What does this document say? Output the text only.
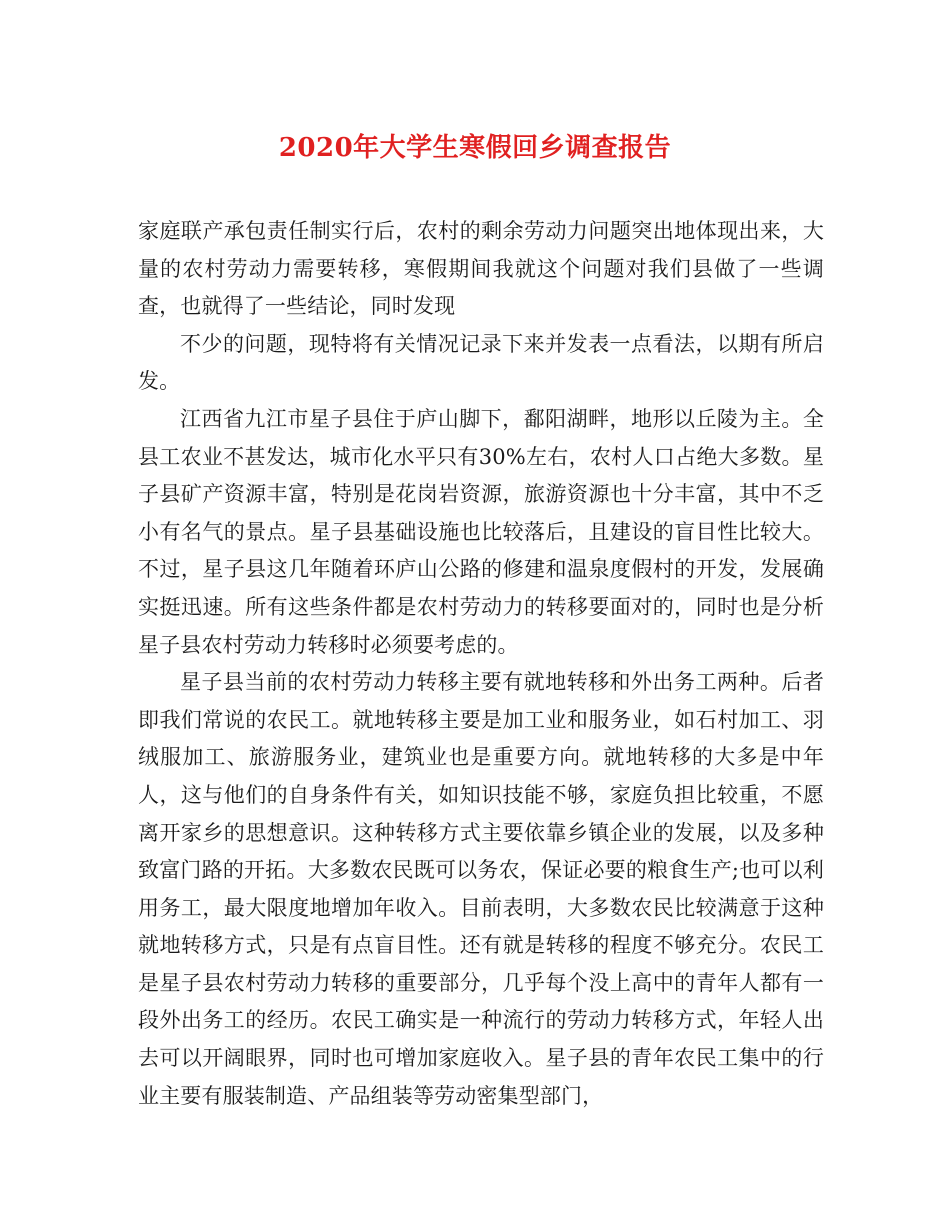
2020年大学生寒假回乡调查报告

家庭联产承包责任制实行后，农村的剩余劳动力问题突出地体现出来，大量的农村劳动力需要转移，寒假期间我就这个问题对我们县做了一些调查，也就得了一些结论，同时发现

不少的问题，现特将有关情况记录下来并发表一点看法，以期有所启发。

江西省九江市星子县住于庐山脚下，鄱阳湖畔，地形以丘陵为主。全县工农业不甚发达，城市化水平只有30%左右，农村人口占绝大多数。星子县矿产资源丰富，特别是花岗岩资源，旅游资源也十分丰富，其中不乏小有名气的景点。星子县基础设施也比较落后，且建设的盲目性比较大。不过，星子县这几年随着环庐山公路的修建和温泉度假村的开发，发展确实挺迅速。所有这些条件都是农村劳动力的转移要面对的，同时也是分析星子县农村劳动力转移时必须要考虑的。

星子县当前的农村劳动力转移主要有就地转移和外出务工两种。后者即我们常说的农民工。就地转移主要是加工业和服务业，如石村加工、羽绒服加工、旅游服务业，建筑业也是重要方向。就地转移的大多是中年人，这与他们的自身条件有关，如知识技能不够，家庭负担比较重，不愿离开家乡的思想意识。这种转移方式主要依靠乡镇企业的发展，以及多种致富门路的开拓。大多数农民既可以务农，保证必要的粮食生产;也可以利用务工，最大限度地增加年收入。目前表明，大多数农民比较满意于这种就地转移方式，只是有点盲目性。还有就是转移的程度不够充分。农民工是星子县农村劳动力转移的重要部分，几乎每个没上高中的青年人都有一段外出务工的经历。农民工确实是一种流行的劳动力转移方式，年轻人出去可以开阔眼界，同时也可增加家庭收入。星子县的青年农民工集中的行业主要有服装制造、产品组装等劳动密集型部门，
